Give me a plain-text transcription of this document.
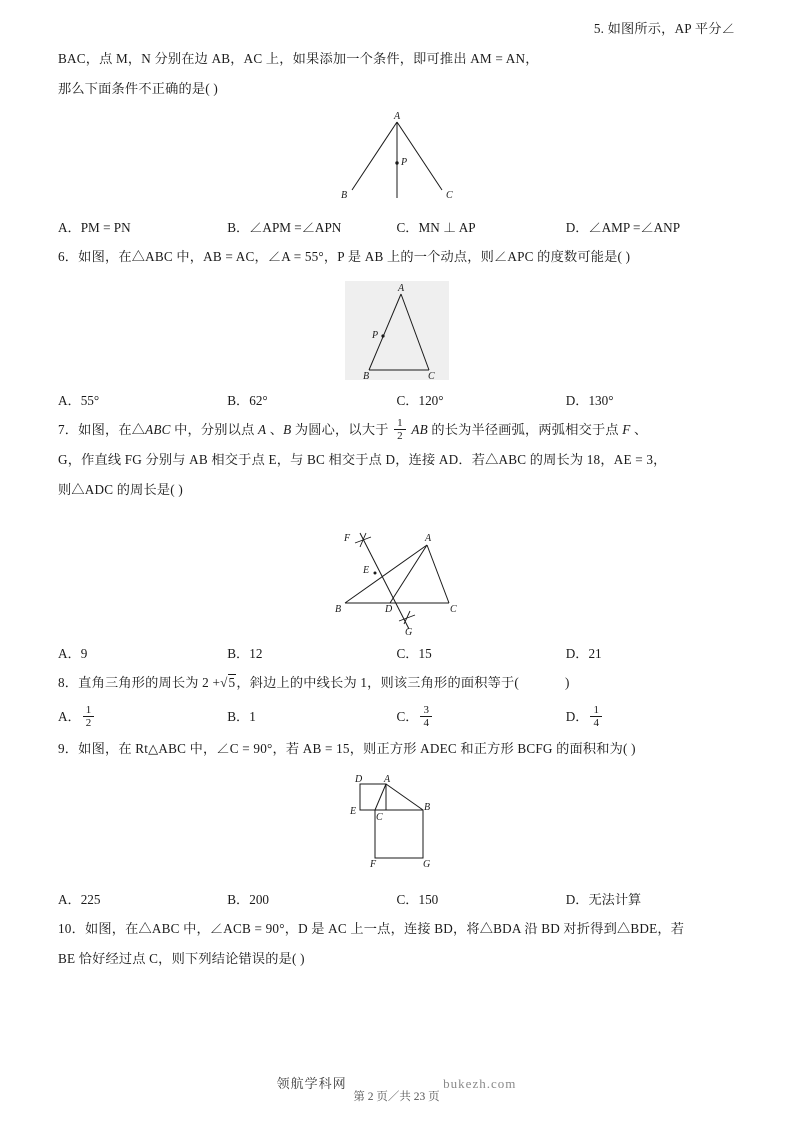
5. 如图所示，AP 平分∠
BAC，点 M，N 分别在边 AB，AC 上，如果添加一个条件，即可推出 AM = AN，
那么下面条件不正确的是( )
A
B	C
P
A．PM = PN	B．∠APM =∠APN	C．MN ⊥ AP	D．∠AMP =∠ANP
6．如图，在△ABC 中，AB = AC，∠A = 55°，P 是 AB 上的一个动点，则∠APC 的度数可能是( )
A
B	C
P
A．55°	B．62°	C．120°	D．130°
7．如图，在△ABC 中，分别以点 A 、B 为圆心，以大于 $\frac{1}{2}$ AB 的长为半径画弧，两弧相交于点 F 、
G，作直线 FG 分别与 AB 相交于点 E，与 BC 相交于点 D，连接 AD．若△ABC 的周长为 18，AE = 3，
则△ADC 的周长是( )
A
B	C
D
E
F
G
A．9	B．12	C．15	D．21
8．直角三角形的周长为 2 +√5，斜边上的中线长为 1，则该三角形的面积等于(	)
A． $\frac{1}{2}$	B．1	C． $\frac{3}{4}$	D． $\frac{1}{4}$
9．如图，在 Rt△ABC 中，∠C = 90°，若 AB = 15，则正方形 ADEC 和正方形 BCFG 的面积和为( )
A
B
C
D
E
F	G
A．225	B．200	C．150	D．无法计算
10．如图，在△ABC 中，∠ACB = 90°，D 是 AC 上一点，连接 BD，将△BDA 沿 BD 对折得到△BDE，若
BE 恰好经过点 C，则下列结论错误的是( )
领航学科网	bukezh.com
第 2 页／共 23 页
